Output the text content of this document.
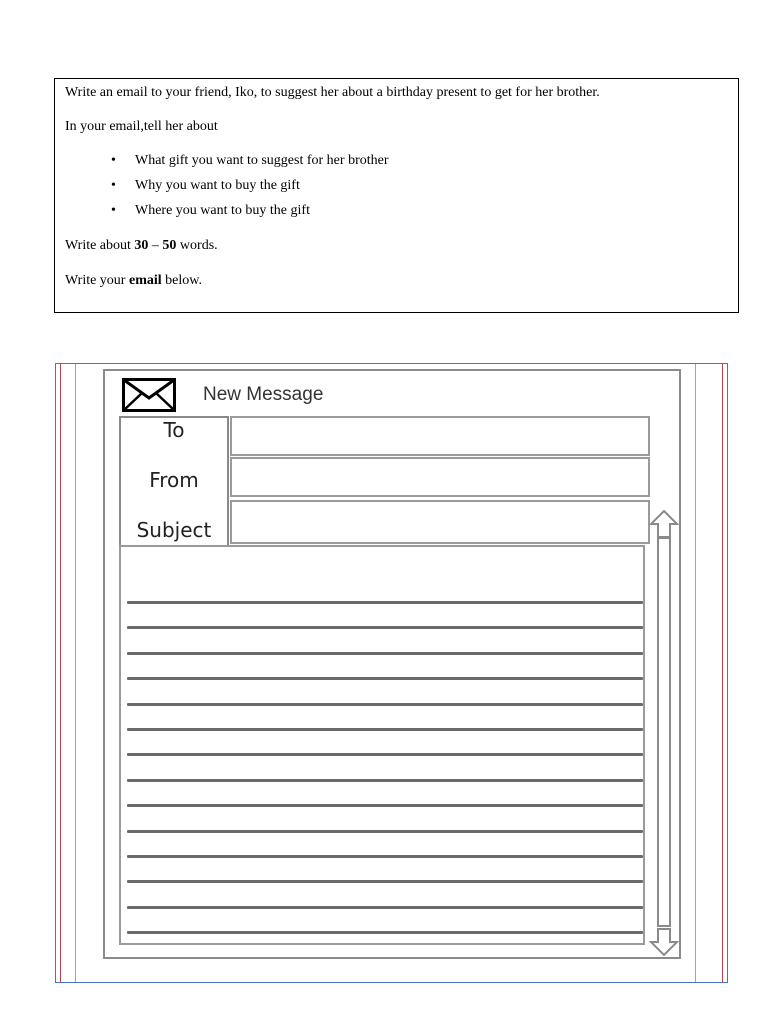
Write an email to your friend, Iko, to suggest her about a birthday present to get for her brother.

In your email,tell her about

• What gift you want to suggest for her brother
• Why you want to buy the gift
• Where you want to buy the gift

Write about 30 – 50 words.

Write your email below.

New Message
To
From
Subject
